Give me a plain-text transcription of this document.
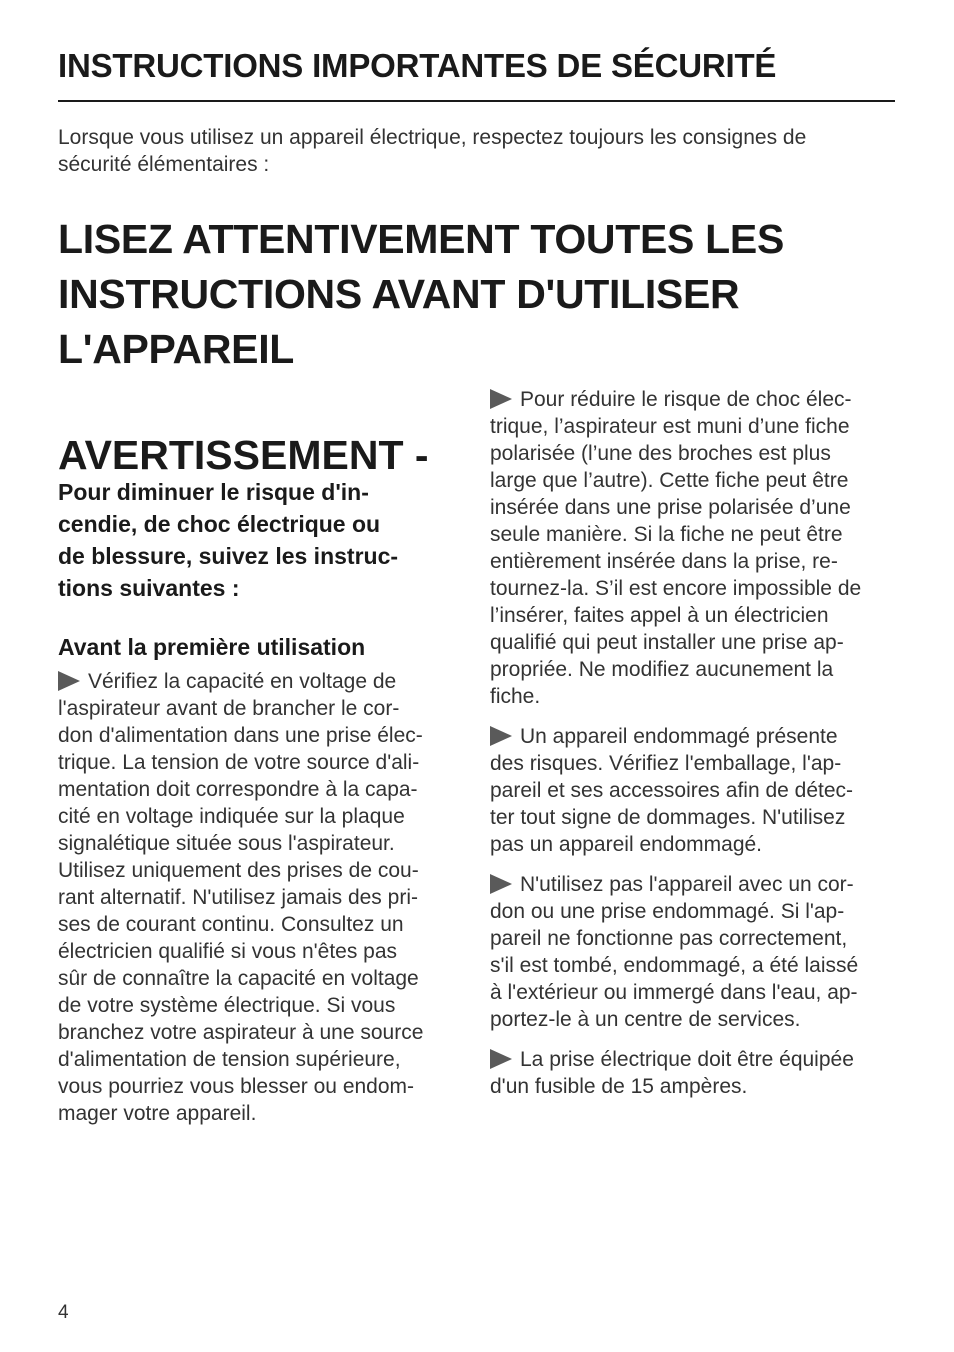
INSTRUCTIONS IMPORTANTES DE SÉCURITÉ
Lorsque vous utilisez un appareil électrique, respectez toujours les consignes de
sécurité élémentaires :
LISEZ ATTENTIVEMENT TOUTES LES
INSTRUCTIONS AVANT D'UTILISER
L'APPAREIL
AVERTISSEMENT -
Pour diminuer le risque d'in-
cendie, de choc électrique ou
de blessure, suivez les instruc-
tions suivantes :
Avant la première utilisation
Vérifiez la capacité en voltage de
l'aspirateur avant de brancher le cor-
don d'alimentation dans une prise élec-
trique. La tension de votre source d'ali-
mentation doit correspondre à la capa-
cité en voltage indiquée sur la plaque
signalétique située sous l'aspirateur.
Utilisez uniquement des prises de cou-
rant alternatif. N'utilisez jamais des pri-
ses de courant continu. Consultez un
électricien qualifié si vous n'êtes pas
sûr de connaître la capacité en voltage
de votre système électrique. Si vous
branchez votre aspirateur à une source
d'alimentation de tension supérieure,
vous pourriez vous blesser ou endom-
mager votre appareil.
Pour réduire le risque de choc élec-
trique, l’aspirateur est muni d’une fiche
polarisée (l’une des broches est plus
large que l’autre). Cette fiche peut être
insérée dans une prise polarisée d’une
seule manière. Si la fiche ne peut être
entièrement insérée dans la prise, re-
tournez-la. S’il est encore impossible de
l’insérer, faites appel à un électricien
qualifié qui peut installer une prise ap-
propriée. Ne modifiez aucunement la
fiche.
Un appareil endommagé présente
des risques. Vérifiez l'emballage, l'ap-
pareil et ses accessoires afin de détec-
ter tout signe de dommages. N'utilisez
pas un appareil endommagé.
N'utilisez pas l'appareil avec un cor-
don ou une prise endommagé. Si l'ap-
pareil ne fonctionne pas correctement,
s'il est tombé, endommagé, a été laissé
à l'extérieur ou immergé dans l'eau, ap-
portez-le à un centre de services.
La prise électrique doit être équipée
d'un fusible de 15 ampères.
4
